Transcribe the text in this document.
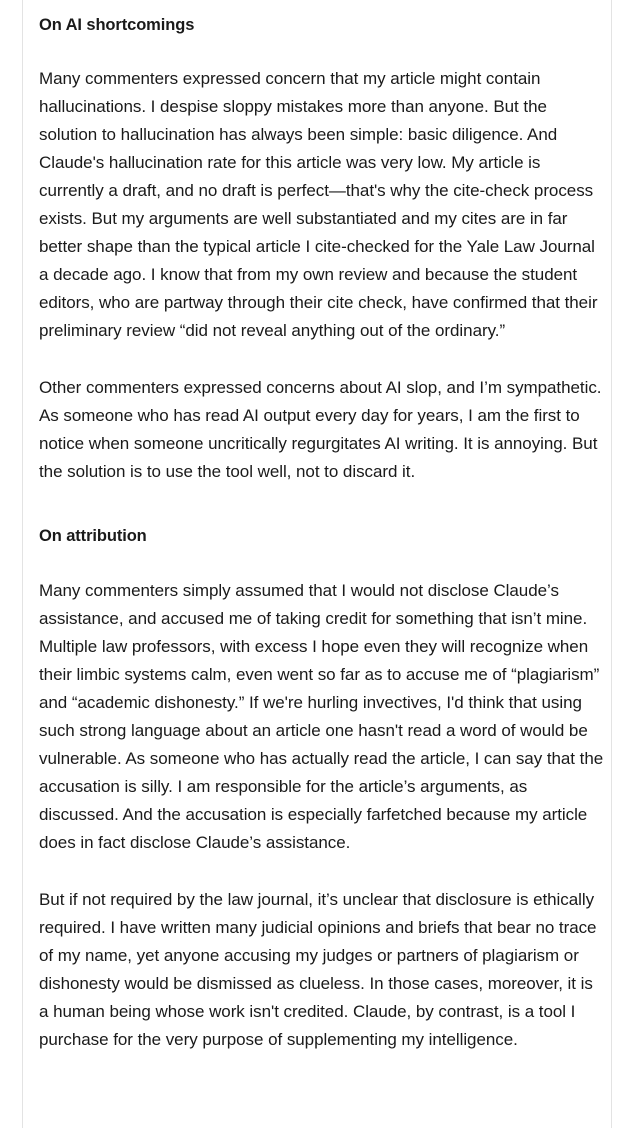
On AI shortcomings

Many commenters expressed concern that my article might contain hallucinations. I despise sloppy mistakes more than anyone. But the solution to hallucination has always been simple: basic diligence. And Claude's hallucination rate for this article was very low. My article is currently a draft, and no draft is perfect—that's why the cite-check process exists. But my arguments are well substantiated and my cites are in far better shape than the typical article I cite-checked for the Yale Law Journal a decade ago. I know that from my own review and because the student editors, who are partway through their cite check, have confirmed that their preliminary review “did not reveal anything out of the ordinary.”

Other commenters expressed concerns about AI slop, and I’m sympathetic. As someone who has read AI output every day for years, I am the first to notice when someone uncritically regurgitates AI writing. It is annoying. But the solution is to use the tool well, not to discard it.

On attribution

Many commenters simply assumed that I would not disclose Claude’s assistance, and accused me of taking credit for something that isn’t mine. Multiple law professors, with excess I hope even they will recognize when their limbic systems calm, even went so far as to accuse me of “plagiarism” and “academic dishonesty.” If we're hurling invectives, I'd think that using such strong language about an article one hasn't read a word of would be vulnerable. As someone who has actually read the article, I can say that the accusation is silly. I am responsible for the article’s arguments, as discussed. And the accusation is especially farfetched because my article does in fact disclose Claude’s assistance.

But if not required by the law journal, it’s unclear that disclosure is ethically required. I have written many judicial opinions and briefs that bear no trace of my name, yet anyone accusing my judges or partners of plagiarism or dishonesty would be dismissed as clueless. In those cases, moreover, it is a human being whose work isn't credited. Claude, by contrast, is a tool I purchase for the very purpose of supplementing my intelligence.
